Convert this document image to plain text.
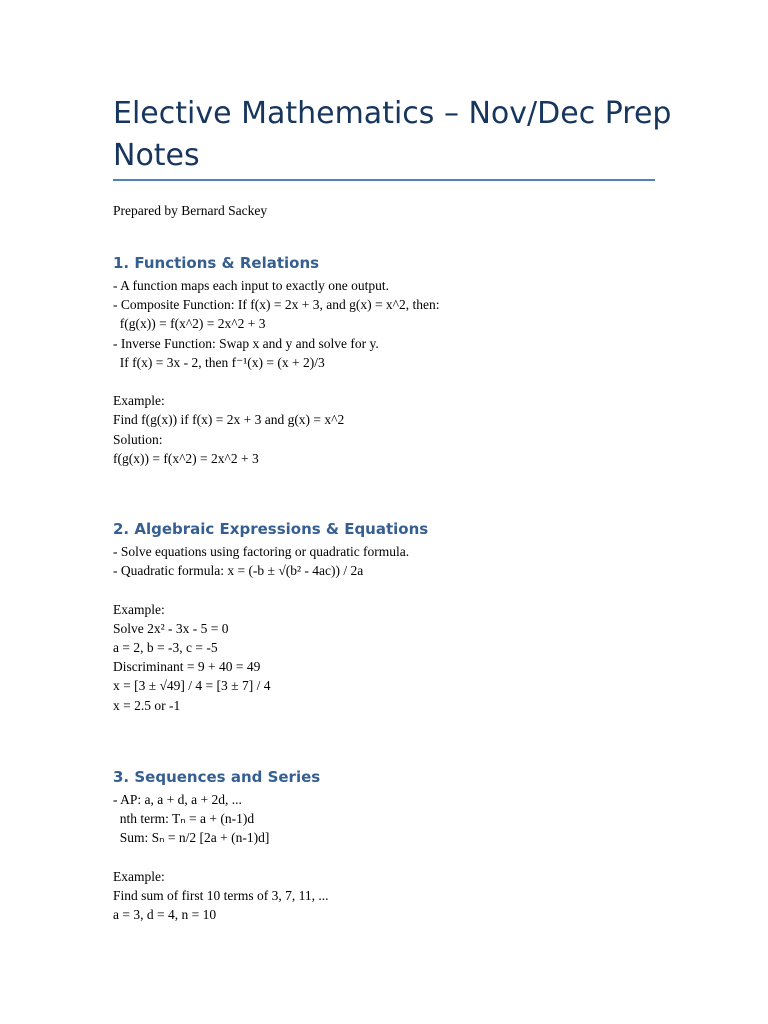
Elective Mathematics – Nov/Dec Prep Notes

Prepared by Bernard Sackey

1. Functions & Relations
- A function maps each input to exactly one output.
- Composite Function: If f(x) = 2x + 3, and g(x) = x^2, then:
f(g(x)) = f(x^2) = 2x^2 + 3
- Inverse Function: Swap x and y and solve for y.
If f(x) = 3x - 2, then f⁻¹(x) = (x + 2)/3
Example:
Find f(g(x)) if f(x) = 2x + 3 and g(x) = x^2
Solution:
f(g(x)) = f(x^2) = 2x^2 + 3
2. Algebraic Expressions & Equations
- Solve equations using factoring or quadratic formula.
- Quadratic formula: x = (-b ± √(b² - 4ac)) / 2a
Example:
Solve 2x² - 3x - 5 = 0
a = 2, b = -3, c = -5
Discriminant = 9 + 40 = 49
x = [3 ± √49] / 4 = [3 ± 7] / 4
x = 2.5 or -1
3. Sequences and Series
- AP: a, a + d, a + 2d, ...
nth term: Tₙ = a + (n-1)d
Sum: Sₙ = n/2 [2a + (n-1)d]
Example:
Find sum of first 10 terms of 3, 7, 11, ...
a = 3, d = 4, n = 10
